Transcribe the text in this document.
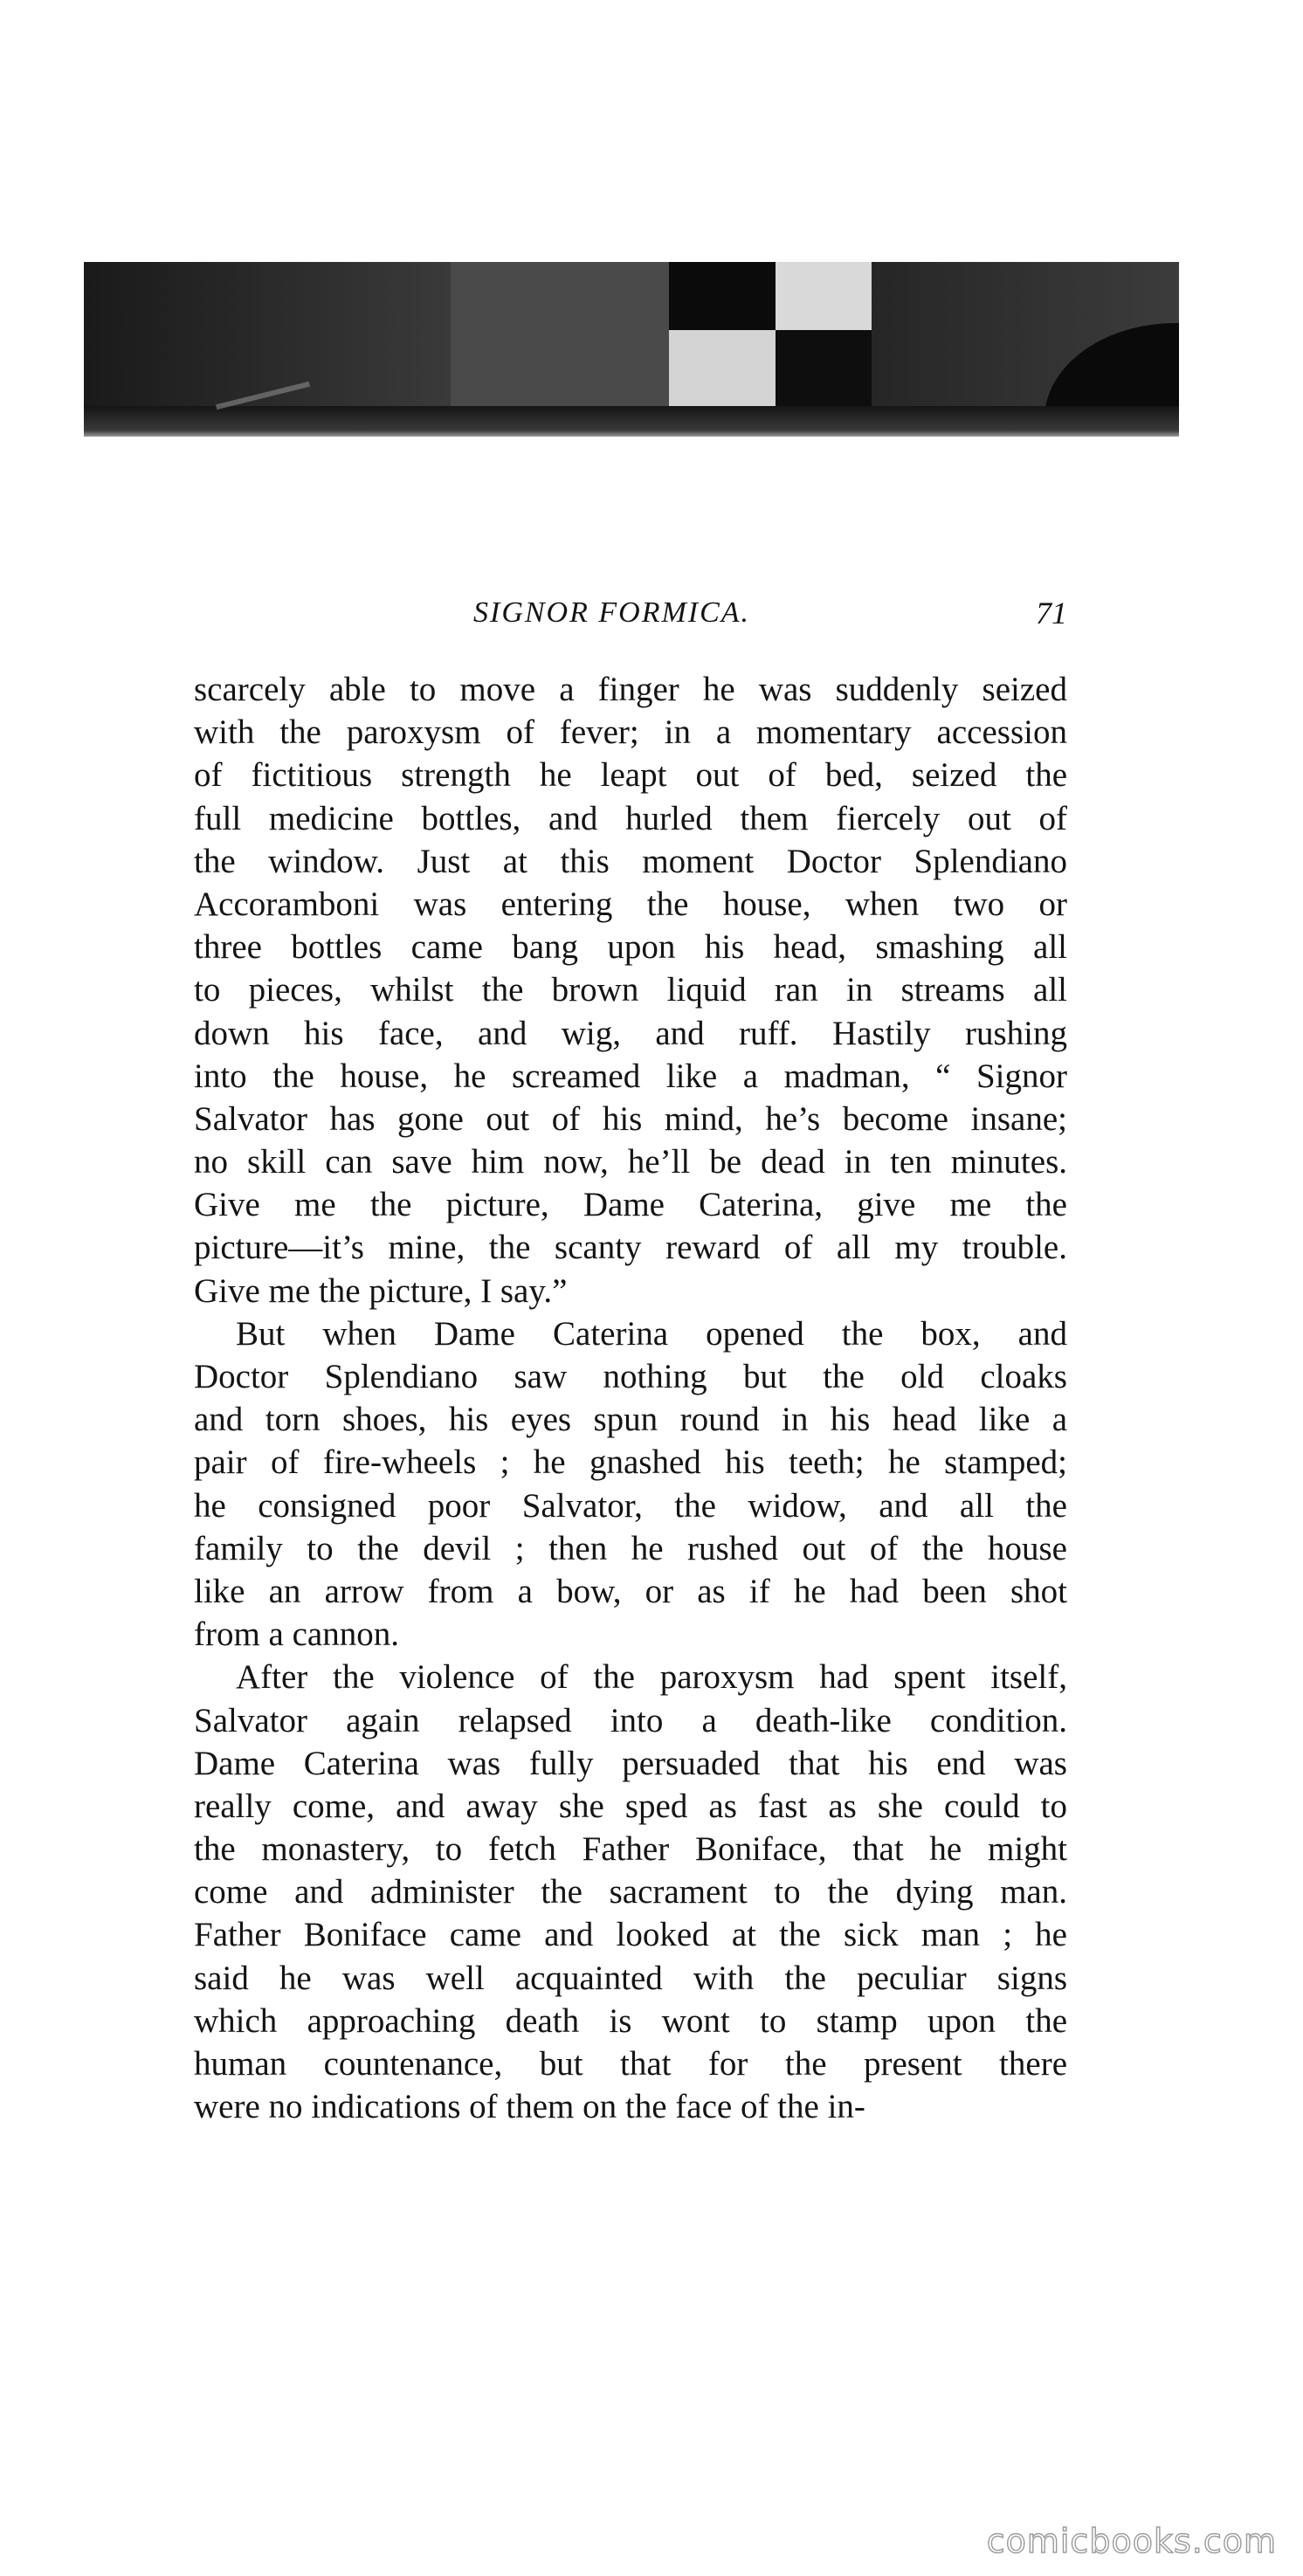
SIGNOR FORMICA.	71
scarcely able to move a finger he was suddenly seized
with the paroxysm of fever; in a momentary accession
of fictitious strength he leapt out of bed, seized the
full medicine bottles, and hurled them fiercely out of
the window. Just at this moment Doctor Splendiano
Accoramboni was entering the house, when two or
three bottles came bang upon his head, smashing all
to pieces, whilst the brown liquid ran in streams all
down his face, and wig, and ruff. Hastily rushing
into the house, he screamed like a madman, “ Signor
Salvator has gone out of his mind, he’s become insane;
no skill can save him now, he’ll be dead in ten minutes.
Give me the picture, Dame Caterina, give me the
picture—it’s mine, the scanty reward of all my trouble.
Give me the picture, I say.”
But when Dame Caterina opened the box, and
Doctor Splendiano saw nothing but the old cloaks
and torn shoes, his eyes spun round in his head like a
pair of fire-wheels ; he gnashed his teeth; he stamped;
he consigned poor Salvator, the widow, and all the
family to the devil ; then he rushed out of the house
like an arrow from a bow, or as if he had been shot
from a cannon.
After the violence of the paroxysm had spent itself,
Salvator again relapsed into a death-like condition.
Dame Caterina was fully persuaded that his end was
really come, and away she sped as fast as she could to
the monastery, to fetch Father Boniface, that he might
come and administer the sacrament to the dying man.
Father Boniface came and looked at the sick man ; he
said he was well acquainted with the peculiar signs
which approaching death is wont to stamp upon the
human countenance, but that for the present there
were no indications of them on the face of the in-
comicbooks.com
